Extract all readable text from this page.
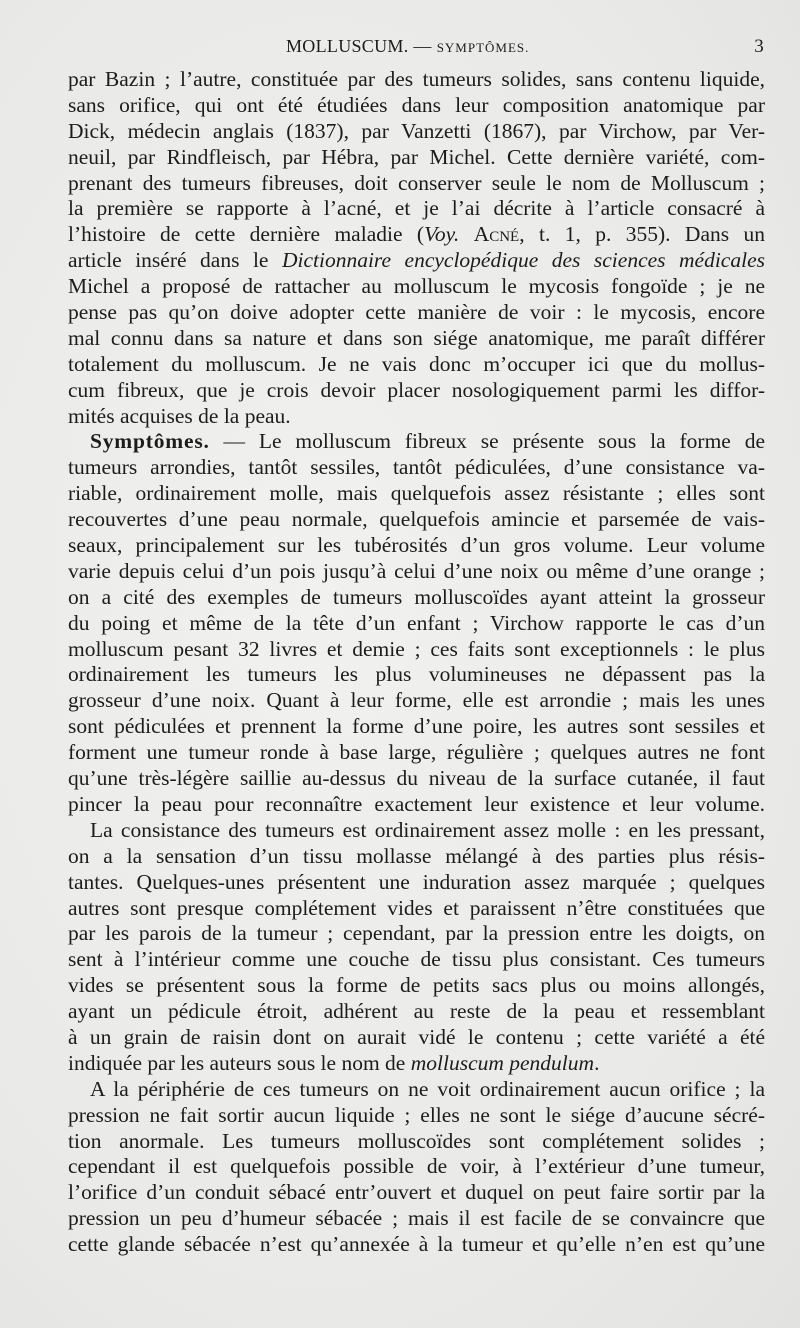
MOLLUSCUM. — SYMPTÔMES.	3
par Bazin ; l’autre, constituée par des tumeurs solides, sans contenu liquide,
sans orifice, qui ont été étudiées dans leur composition anatomique par
Dick, médecin anglais (1837), par Vanzetti (1867), par Virchow, par Ver-
neuil, par Rindfleisch, par Hébra, par Michel. Cette dernière variété, com-
prenant des tumeurs fibreuses, doit conserver seule le nom de Molluscum ;
la première se rapporte à l’acné, et je l’ai décrite à l’article consacré à
l’histoire de cette dernière maladie (Voy. Acné, t. 1, p. 355). Dans un
article inséré dans le Dictionnaire encyclopédique des sciences médicales
Michel a proposé de rattacher au molluscum le mycosis fongoïde ; je ne
pense pas qu’on doive adopter cette manière de voir : le mycosis, encore
mal connu dans sa nature et dans son siége anatomique, me paraît différer
totalement du molluscum. Je ne vais donc m’occuper ici que du mollus-
cum fibreux, que je crois devoir placer nosologiquement parmi les diffor-
mités acquises de la peau.
Symptômes. — Le molluscum fibreux se présente sous la forme de
tumeurs arrondies, tantôt sessiles, tantôt pédiculées, d’une consistance va-
riable, ordinairement molle, mais quelquefois assez résistante ; elles sont
recouvertes d’une peau normale, quelquefois amincie et parsemée de vais-
seaux, principalement sur les tubérosités d’un gros volume. Leur volume
varie depuis celui d’un pois jusqu’à celui d’une noix ou même d’une orange ;
on a cité des exemples de tumeurs molluscoïdes ayant atteint la grosseur
du poing et même de la tête d’un enfant ; Virchow rapporte le cas d’un
molluscum pesant 32 livres et demie ; ces faits sont exceptionnels : le plus
ordinairement les tumeurs les plus volumineuses ne dépassent pas la
grosseur d’une noix. Quant à leur forme, elle est arrondie ; mais les unes
sont pédiculées et prennent la forme d’une poire, les autres sont sessiles et
forment une tumeur ronde à base large, régulière ; quelques autres ne font
qu’une très-légère saillie au-dessus du niveau de la surface cutanée, il faut
pincer la peau pour reconnaître exactement leur existence et leur volume.
La consistance des tumeurs est ordinairement assez molle : en les pressant,
on a la sensation d’un tissu mollasse mélangé à des parties plus résis-
tantes. Quelques-unes présentent une induration assez marquée ; quelques
autres sont presque complétement vides et paraissent n’être constituées que
par les parois de la tumeur ; cependant, par la pression entre les doigts, on
sent à l’intérieur comme une couche de tissu plus consistant. Ces tumeurs
vides se présentent sous la forme de petits sacs plus ou moins allongés,
ayant un pédicule étroit, adhérent au reste de la peau et ressemblant
à un grain de raisin dont on aurait vidé le contenu ; cette variété a été
indiquée par les auteurs sous le nom de molluscum pendulum.
A la périphérie de ces tumeurs on ne voit ordinairement aucun orifice ; la
pression ne fait sortir aucun liquide ; elles ne sont le siége d’aucune sécré-
tion anormale. Les tumeurs molluscoïdes sont complétement solides ;
cependant il est quelquefois possible de voir, à l’extérieur d’une tumeur,
l’orifice d’un conduit sébacé entr’ouvert et duquel on peut faire sortir par la
pression un peu d’humeur sébacée ; mais il est facile de se convaincre que
cette glande sébacée n’est qu’annexée à la tumeur et qu’elle n’en est qu’une
